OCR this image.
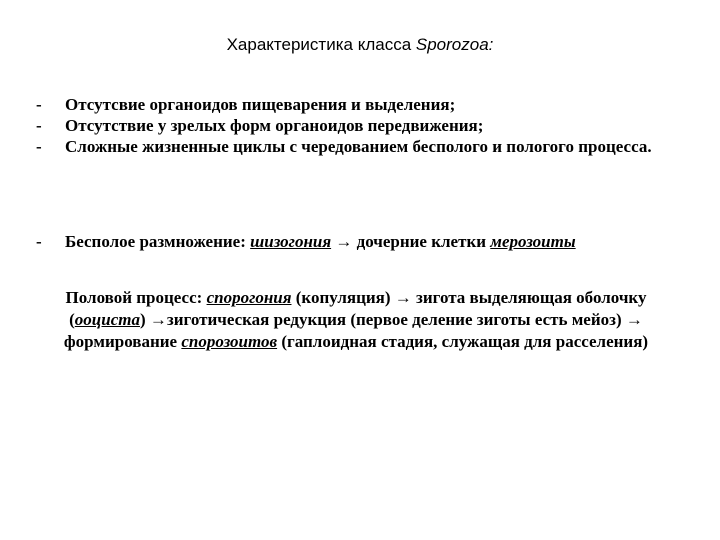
Характеристика класса Sporozoa:
-	Отсутсвие органоидов пищеварения и выделения;
-	Отсутствие у зрелых форм органоидов передвижения;
-	Сложные жизненные циклы с чередованием бесполого и пологого процесса.
-	Бесполое размножение: шизогония → дочерние клетки мерозоиты
Половой процесс: спорогония (копуляция) → зигота выделяющая оболочку (ооциста) →зиготическая редукция (первое деление зиготы есть мейоз) → формирование спорозоитов (гаплоидная стадия, служащая для расселения)
